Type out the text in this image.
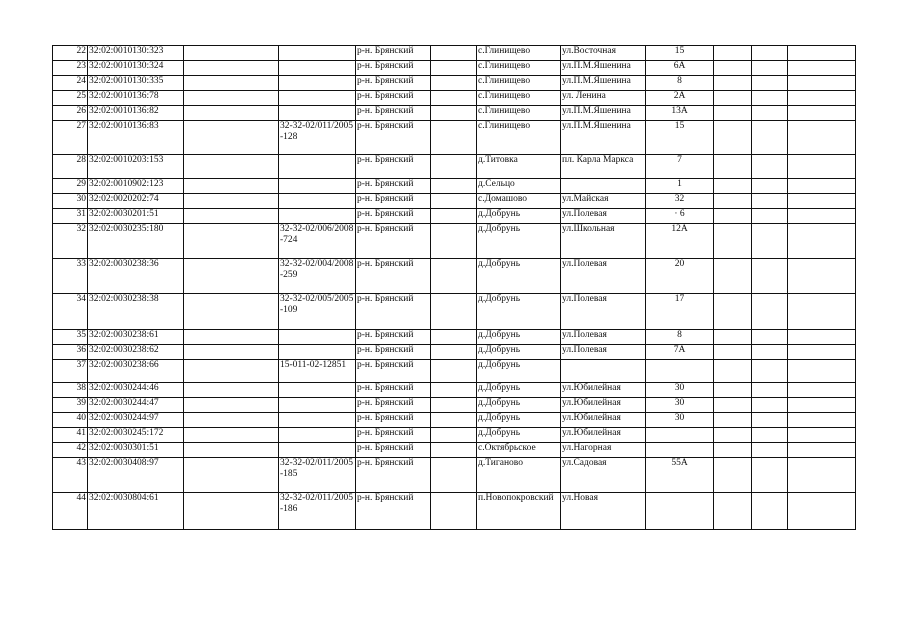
22	32:02:0010130:323			р-н. Брянский		с.Глинищево	ул.Восточная	15			
23	32:02:0010130:324			р-н. Брянский		с.Глинищево	ул.П.М.Яшенина	6А			
24	32:02:0010130:335			р-н. Брянский		с.Глинищево	ул.П.М.Яшенина	8			
25	32:02:0010136:78			р-н. Брянский		с.Глинищево	ул. Ленина	2А			
26	32:02:0010136:82			р-н. Брянский		с.Глинищево	ул.П.М.Яшенина	13А			
27	32:02:0010136:83		32-32-02/011/2005-128	р-н. Брянский		с.Глинищево	ул.П.М.Яшенина	15			
28	32:02:0010203:153			р-н. Брянский		д.Титовка	пл. Карла Маркса	7			
29	32:02:0010902:123			р-н. Брянский		д.Сельцо		1			
30	32:02:0020202:74			р-н. Брянский		с.Домашово	ул.Майская	32			
31	32:02:0030201:51			р-н. Брянский		д.Добрунь	ул.Полевая	· 6			
32	32:02:0030235:180		32-32-02/006/2008-724	р-н. Брянский		д.Добрунь	ул.Школьная	12А			
33	32:02:0030238:36		32-32-02/004/2008-259	р-н. Брянский		д.Добрунь	ул.Полевая	20			
34	32:02:0030238:38		32-32-02/005/2005-109	р-н. Брянский		д.Добрунь	ул.Полевая	17			
35	32:02:0030238:61			р-н. Брянский		д.Добрунь	ул.Полевая	8			
36	32:02:0030238:62			р-н. Брянский		д.Добрунь	ул.Полевая	7А			
37	32:02:0030238:66		15-011-02-12851	р-н. Брянский		д.Добрунь					
38	32:02:0030244:46			р-н. Брянский		д.Добрунь	ул.Юбилейная	30			
39	32:02:0030244:47			р-н. Брянский		д.Добрунь	ул.Юбилейная	30			
40	32:02:0030244:97			р-н. Брянский		д.Добрунь	ул.Юбилейная	30			
41	32:02:0030245:172			р-н. Брянский		д.Добрунь	ул.Юбилейная				
42	32:02:0030301:51			р-н. Брянский		с.Октябрьское	ул.Нагорная				
43	32:02:0030408:97		32-32-02/011/2005-185	р-н. Брянский		д.Тиганово	ул.Садовая	55А			
44	32:02:0030804:61		32-32-02/011/2005-186	р-н. Брянский		п.Новопокровский	ул.Новая				
